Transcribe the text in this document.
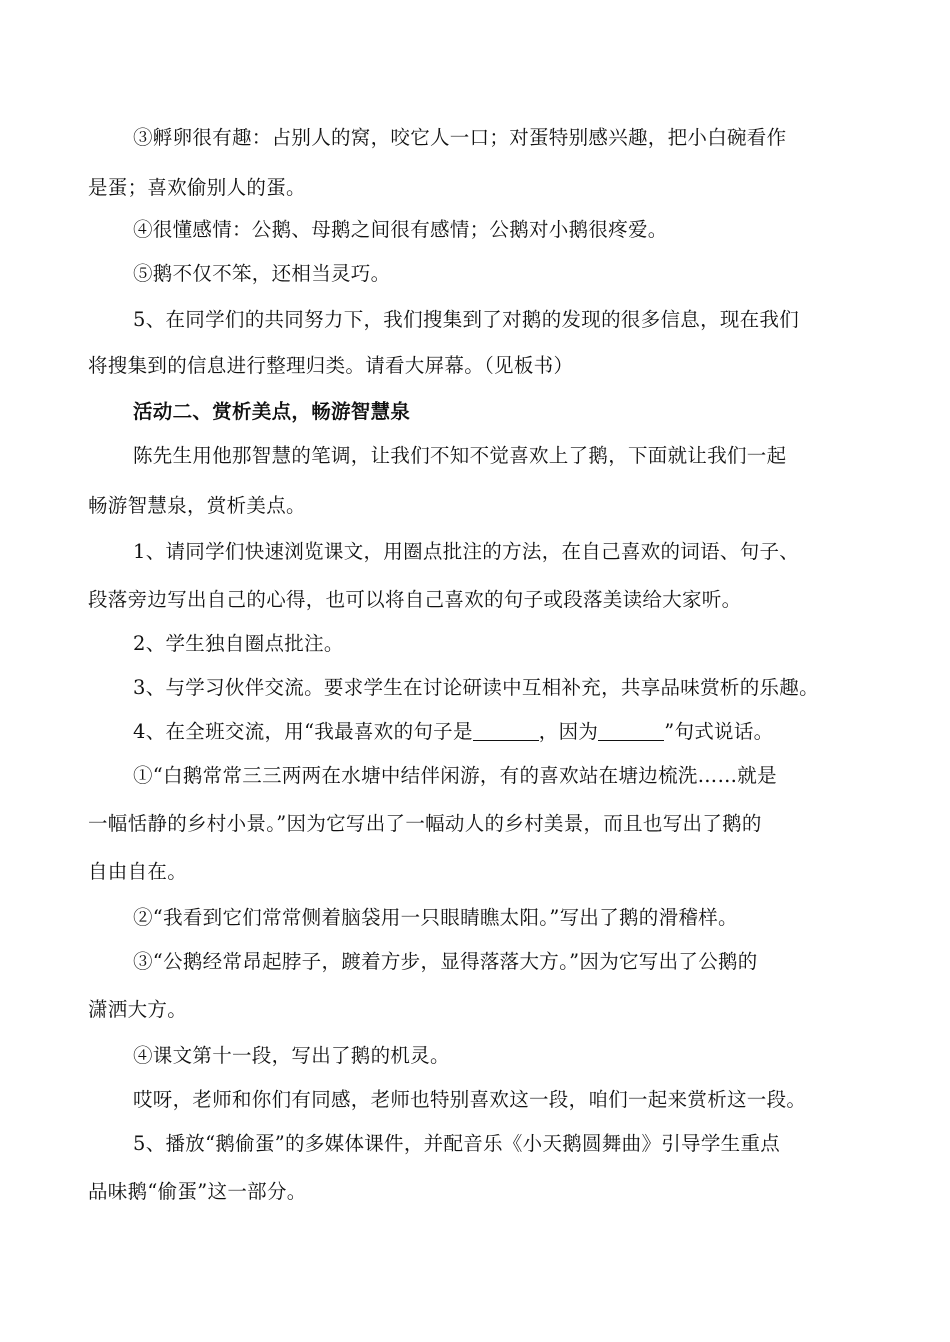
③孵卵很有趣：占别人的窝，咬它人一口；对蛋特别感兴趣，把小白碗看作
是蛋；喜欢偷别人的蛋。
④很懂感情：公鹅、母鹅之间很有感情；公鹅对小鹅很疼爱。
⑤鹅不仅不笨，还相当灵巧。
5、在同学们的共同努力下，我们搜集到了对鹅的发现的很多信息，现在我们
将搜集到的信息进行整理归类。请看大屏幕。（见板书）
活动二、赏析美点，畅游智慧泉
陈先生用他那智慧的笔调，让我们不知不觉喜欢上了鹅，下面就让我们一起
畅游智慧泉，赏析美点。
1、请同学们快速浏览课文，用圈点批注的方法，在自己喜欢的词语、句子、
段落旁边写出自己的心得，也可以将自己喜欢的句子或段落美读给大家听。
2、学生独自圈点批注。
3、与学习伙伴交流。要求学生在讨论研读中互相补充，共享品味赏析的乐趣。
4、在全班交流，用“我最喜欢的句子是	，因为	”句式说话。
①“白鹅常常三三两两在水塘中结伴闲游，有的喜欢站在塘边梳洗……就是
一幅恬静的乡村小景。”因为它写出了一幅动人的乡村美景，而且也写出了鹅的
自由自在。
②“我看到它们常常侧着脑袋用一只眼睛瞧太阳。”写出了鹅的滑稽样。
③“公鹅经常昂起脖子，踱着方步，显得落落大方。”因为它写出了公鹅的
潇洒大方。
④课文第十一段，写出了鹅的机灵。
哎呀，老师和你们有同感，老师也特别喜欢这一段，咱们一起来赏析这一段。
5、播放“鹅偷蛋”的多媒体课件，并配音乐《小天鹅圆舞曲》引导学生重点
品味鹅“偷蛋”这一部分。
